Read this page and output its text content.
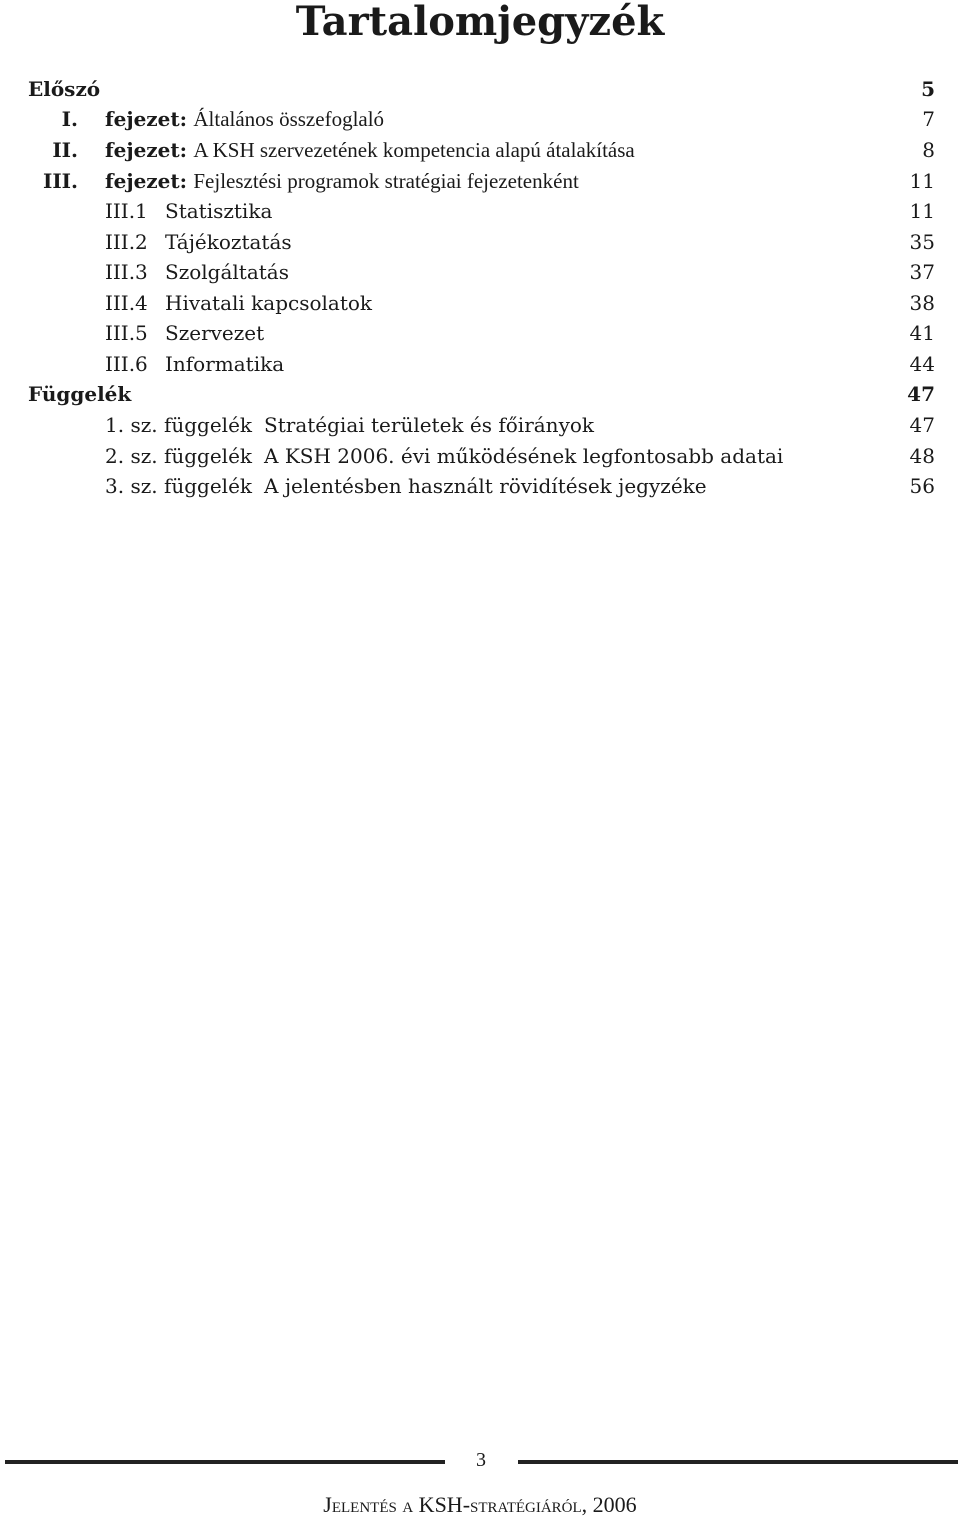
Tartalomjegyzék
Előszó	5
I. fejezet: Általános összefoglaló	7
II. fejezet: A KSH szervezetének kompetencia alapú átalakítása	8
III. fejezet: Fejlesztési programok stratégiai fejezetenként	11
III.1 Statisztika	11
III.2 Tájékoztatás	35
III.3 Szolgáltatás	37
III.4 Hivatali kapcsolatok	38
III.5 Szervezet	41
III.6 Informatika	44
Függelék	47
1. sz. függelék Stratégiai területek és főirányok	47
2. sz. függelék A KSH 2006. évi működésének legfontosabb adatai	48
3. sz. függelék A jelentésben használt rövidítések jegyzéke	56
3
Jelentés a KSH-stratégiáról, 2006
